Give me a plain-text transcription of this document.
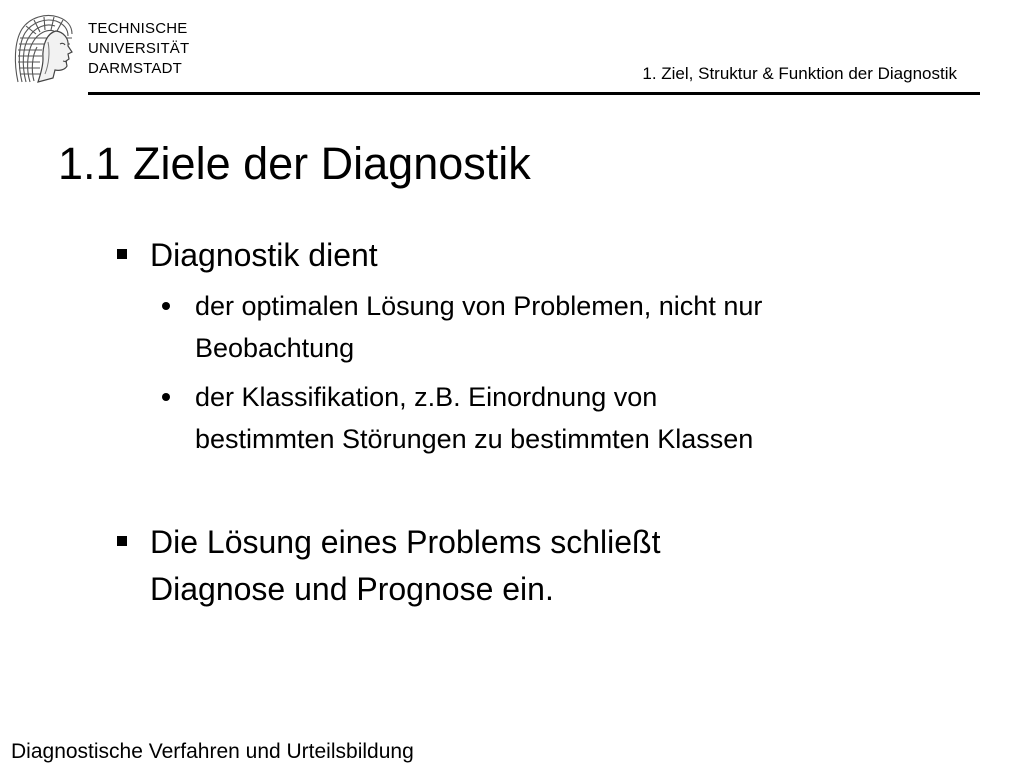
TECHNISCHE
UNIVERSITÄT
DARMSTADT	1. Ziel, Struktur & Funktion der Diagnostik
1.1 Ziele der Diagnostik
Diagnostik dient
der optimalen Lösung von Problemen, nicht nur
Beobachtung
der Klassifikation, z.B. Einordnung von
bestimmten Störungen zu bestimmten Klassen
Die Lösung eines Problems schließt
Diagnose und Prognose ein.
Diagnostische Verfahren und Urteilsbildung
